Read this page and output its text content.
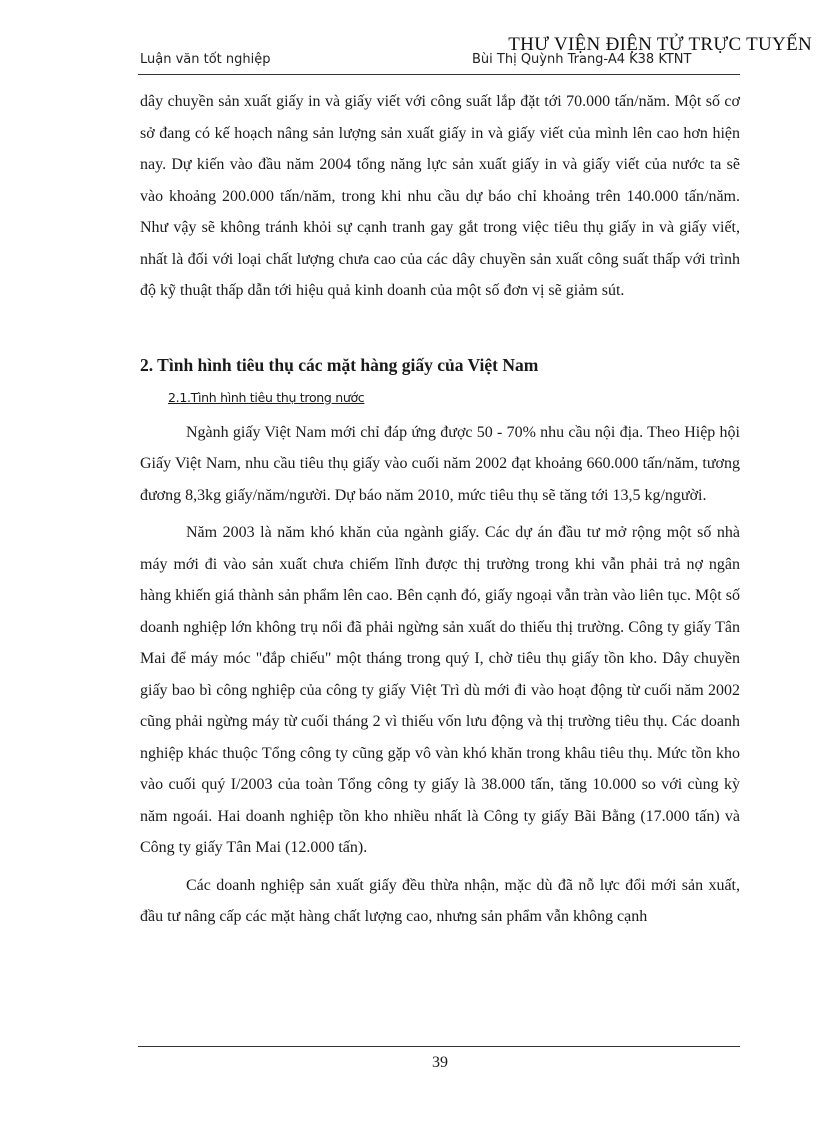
THƯ VIỆN ĐIỆN TỬ TRỰC TUYẾN
Luận văn tốt nghiệp	Bùi Thị Quỳnh Trang-A4 K38 KTNT

dây chuyền sản xuất giấy in và giấy viết với công suất lắp đặt tới 70.000 tấn/năm. Một số cơ sở đang có kế hoạch nâng sản lượng sản xuất giấy in và giấy viết của mình lên cao hơn hiện nay. Dự kiến vào đầu năm 2004 tổng năng lực sản xuất giấy in và giấy viết của nước ta sẽ vào khoảng 200.000 tấn/năm, trong khi nhu cầu dự báo chỉ khoảng trên 140.000 tấn/năm. Như vậy sẽ không tránh khỏi sự cạnh tranh gay gắt trong việc tiêu thụ giấy in và giấy viết, nhất là đối với loại chất lượng chưa cao của các dây chuyền sản xuất công suất thấp với trình độ kỹ thuật thấp dẫn tới hiệu quả kinh doanh của một số đơn vị sẽ giảm sút.

2. Tình hình tiêu thụ các mặt hàng giấy của Việt Nam
2.1.Tình hình tiêu thụ trong nước

Ngành giấy Việt Nam mới chỉ đáp ứng được 50 - 70% nhu cầu nội địa. Theo Hiệp hội Giấy Việt Nam, nhu cầu tiêu thụ giấy vào cuối năm 2002 đạt khoảng 660.000 tấn/năm, tương đương 8,3kg giấy/năm/người. Dự báo năm 2010, mức tiêu thụ sẽ tăng tới 13,5 kg/người.

Năm 2003 là năm khó khăn của ngành giấy. Các dự án đầu tư mở rộng một số nhà máy mới đi vào sản xuất chưa chiếm lĩnh được thị trường trong khi vẫn phải trả nợ ngân hàng khiến giá thành sản phẩm lên cao. Bên cạnh đó, giấy ngoại vẫn tràn vào liên tục. Một số doanh nghiệp lớn không trụ nổi đã phải ngừng sản xuất do thiếu thị trường. Công ty giấy Tân Mai để máy móc "đắp chiếu" một tháng trong quý I, chờ tiêu thụ giấy tồn kho. Dây chuyền giấy bao bì công nghiệp của công ty giấy Việt Trì dù mới đi vào hoạt động từ cuối năm 2002 cũng phải ngừng máy từ cuối tháng 2 vì thiếu vốn lưu động và thị trường tiêu thụ. Các doanh nghiệp khác thuộc Tổng công ty cũng gặp vô vàn khó khăn trong khâu tiêu thụ. Mức tồn kho vào cuối quý I/2003 của toàn Tổng công ty giấy là 38.000 tấn, tăng 10.000 so với cùng kỳ năm ngoái. Hai doanh nghiệp tồn kho nhiều nhất là Công ty giấy Bãi Bằng (17.000 tấn) và Công ty giấy Tân Mai (12.000 tấn).

Các doanh nghiệp sản xuất giấy đều thừa nhận, mặc dù đã nỗ lực đổi mới sản xuất, đầu tư nâng cấp các mặt hàng chất lượng cao, nhưng sản phẩm vẫn không cạnh

39
